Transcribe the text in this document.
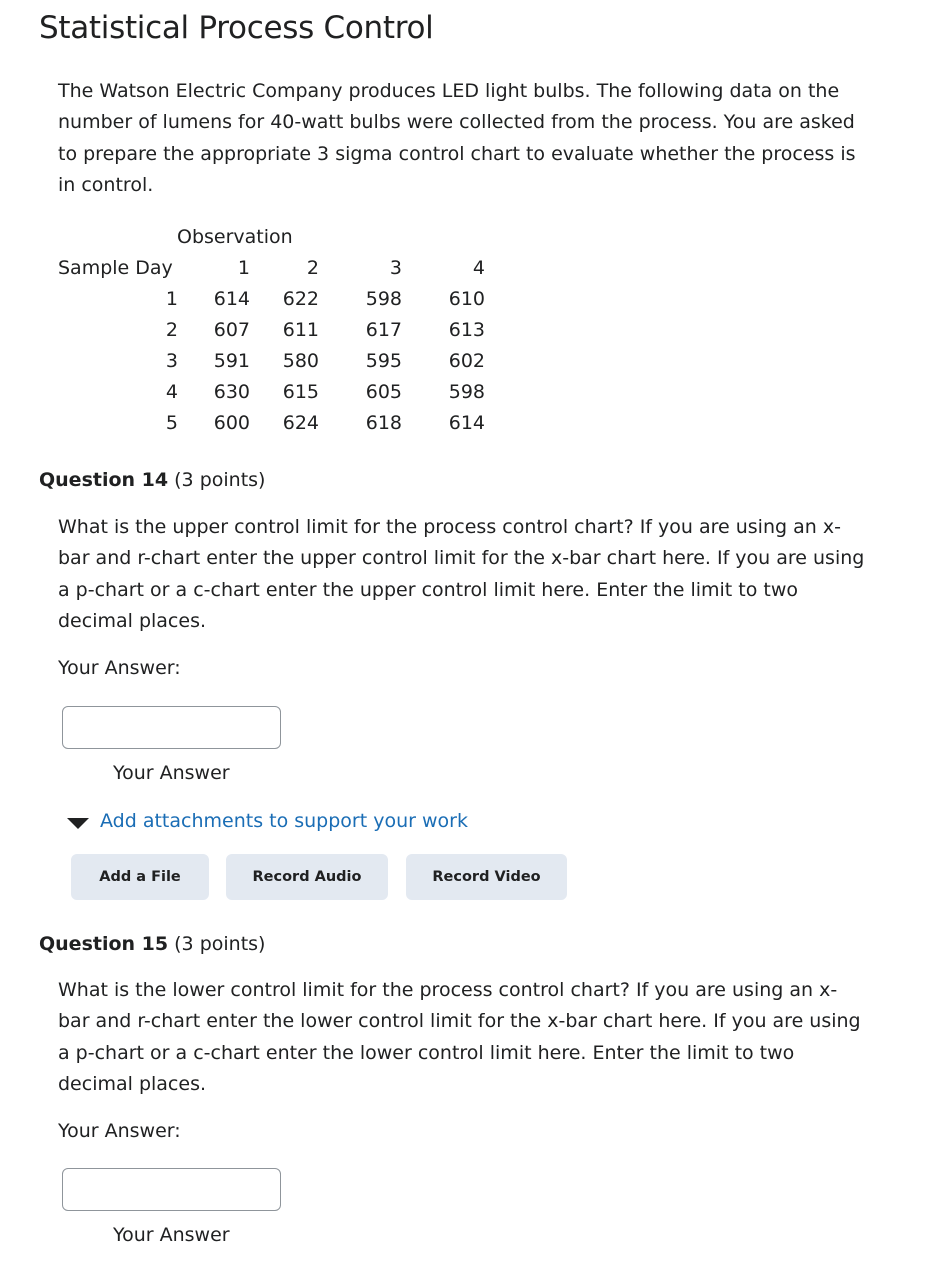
Statistical Process Control
The Watson Electric Company produces LED light bulbs. The following data on the
number of lumens for 40-watt bulbs were collected from the process. You are asked
to prepare the appropriate 3 sigma control chart to evaluate whether the process is
in control.
Observation
Sample Day	1	2	3	4
1 614 622 598 610
2 607 611 617 613
3 591 580 595 602
4 630 615 605 598
5 600 624 618 614
Question 14 (3 points)
What is the upper control limit for the process control chart? If you are using an x-
bar and r-chart enter the upper control limit for the x-bar chart here. If you are using
a p-chart or a c-chart enter the upper control limit here. Enter the limit to two
decimal places.
Your Answer:
Your Answer
Add attachments to support your work
Add a File	Record Audio	Record Video
Question 15 (3 points)
What is the lower control limit for the process control chart? If you are using an x-
bar and r-chart enter the lower control limit for the x-bar chart here. If you are using
a p-chart or a c-chart enter the lower control limit here. Enter the limit to two
decimal places.
Your Answer:
Your Answer
